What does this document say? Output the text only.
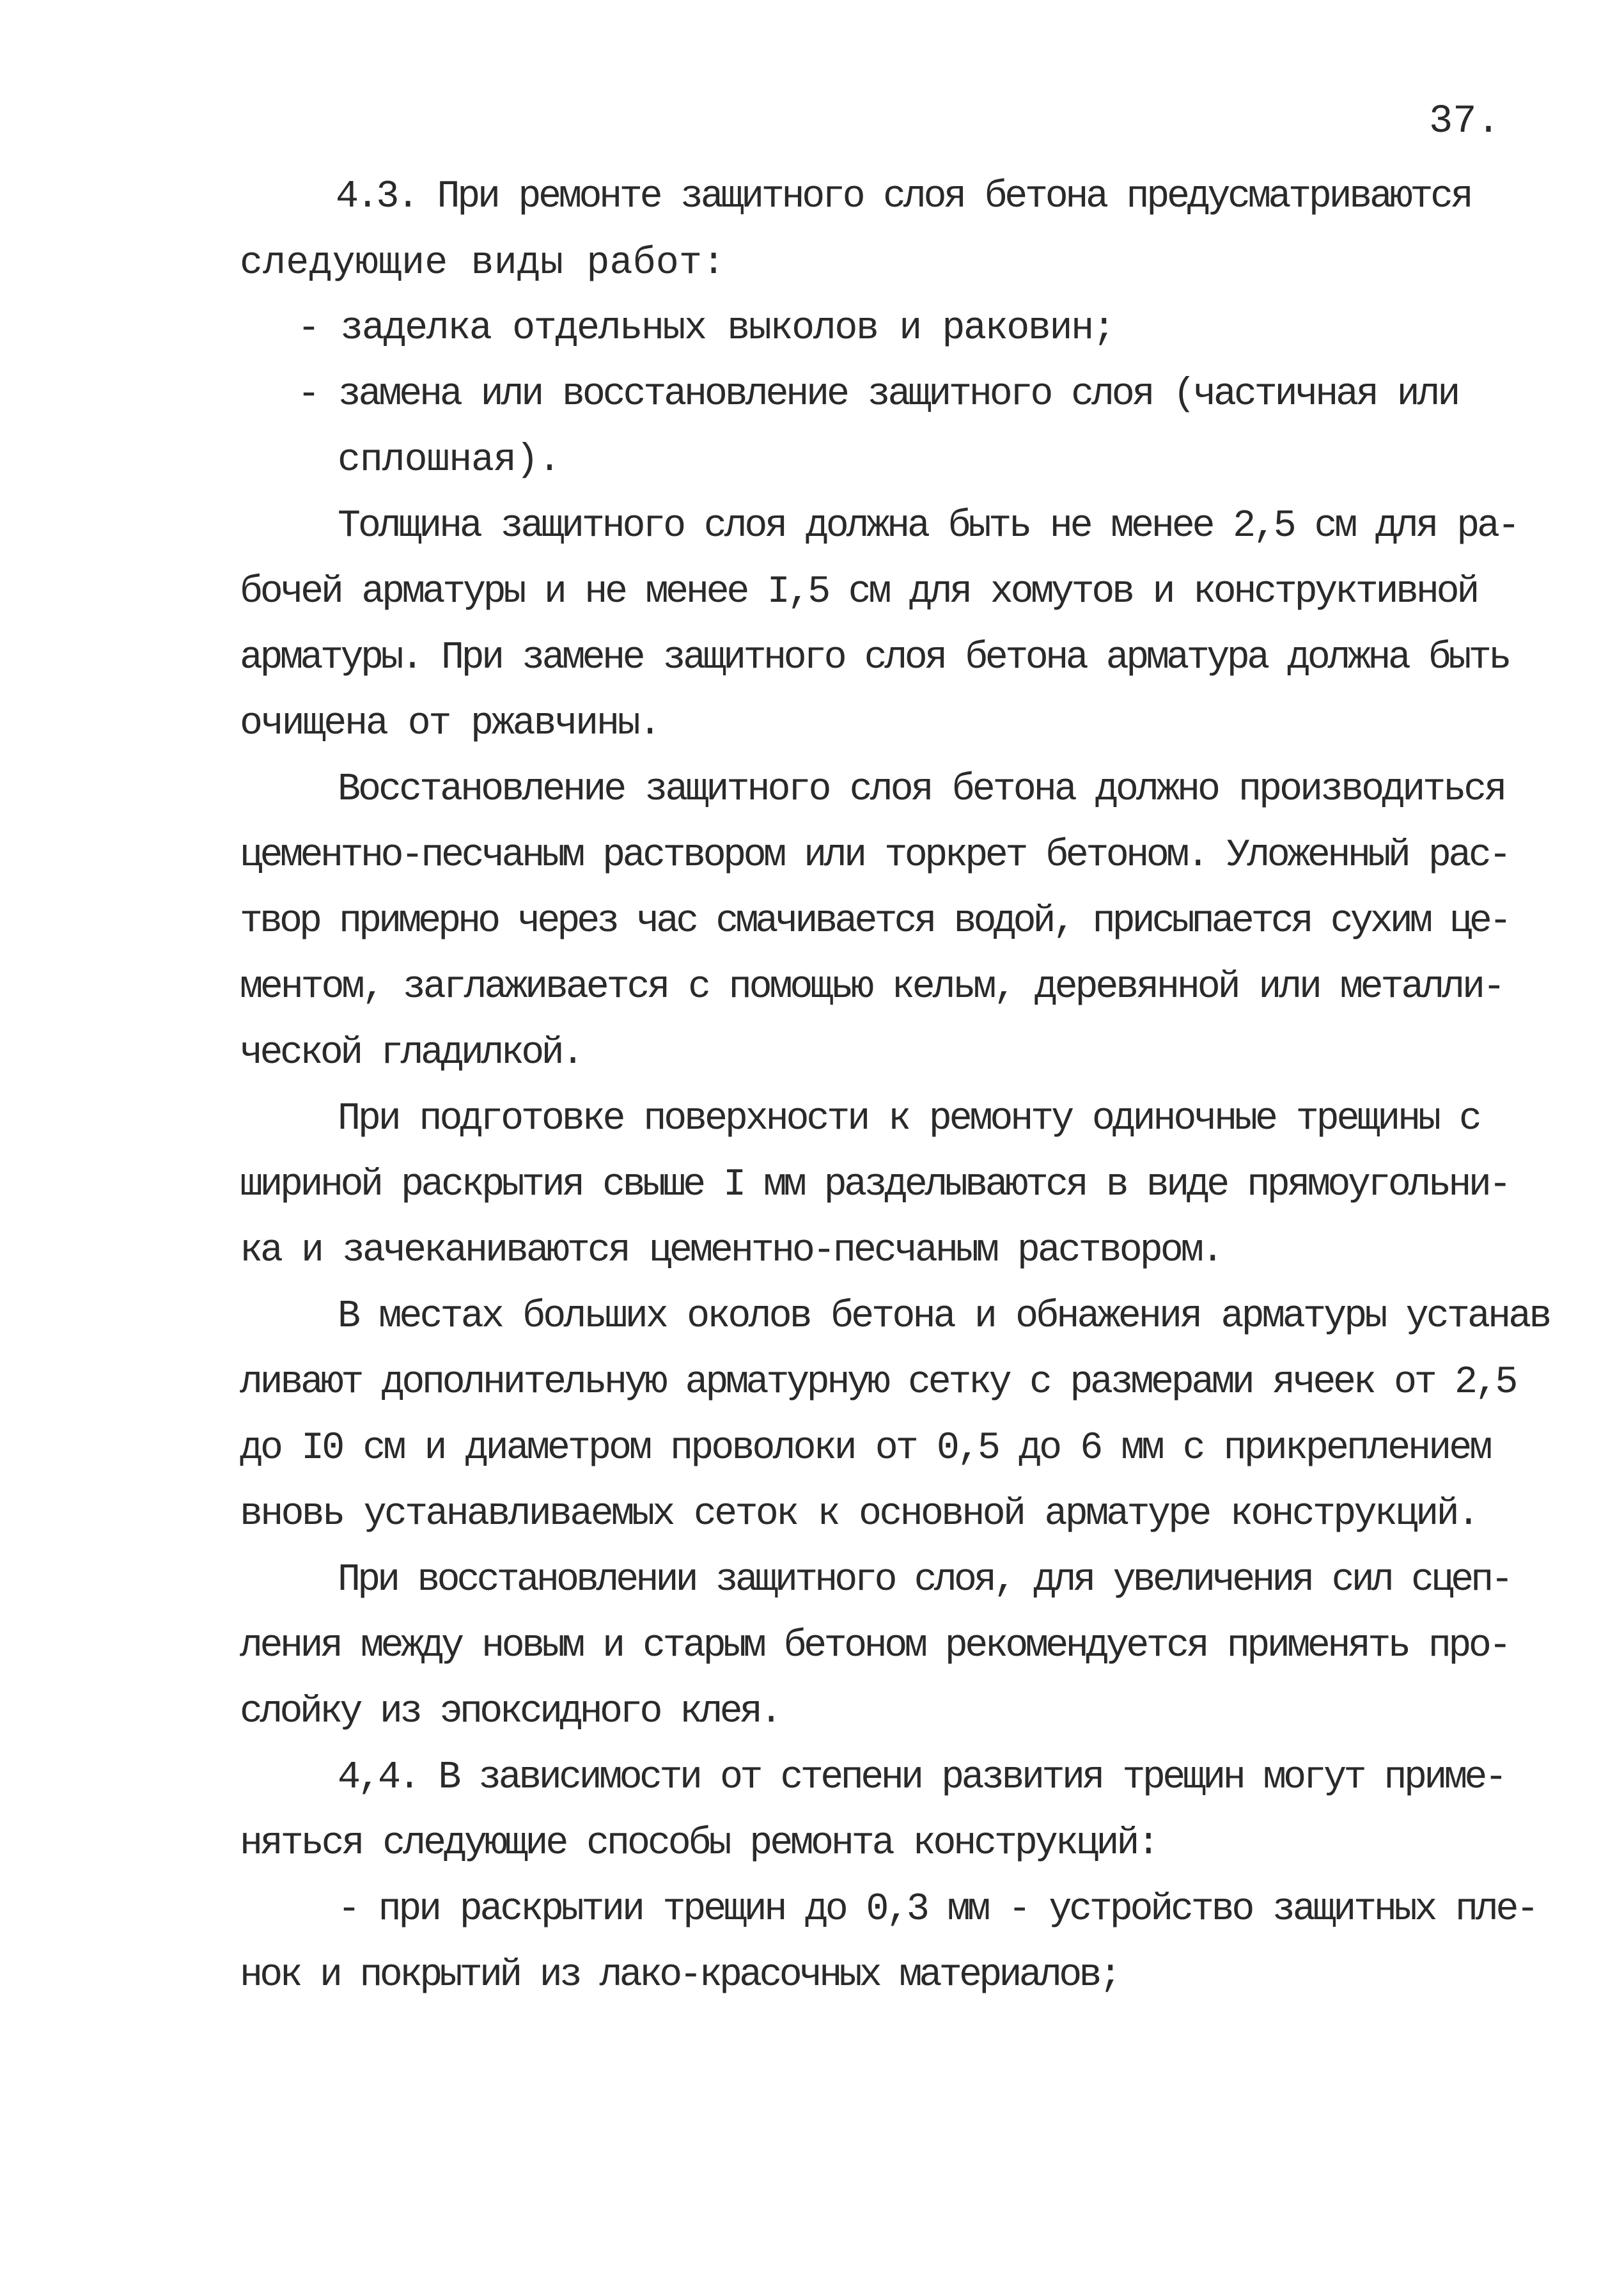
37.
4.3. При ремонте защитного слоя бетона предусматриваются
следующие виды работ:
- заделка отдельных выколов и раковин;
- замена или восстановление защитного слоя (частичная или
сплошная).
Толщина защитного слоя должна быть не менее 2,5 см для ра-
бочей арматуры и не менее I,5 см для хомутов и конструктивной
арматуры. При замене защитного слоя бетона арматура должна быть
очищена от ржавчины.
Восстановление защитного слоя бетона должно производиться
цементно-песчаным раствором или торкрет бетоном. Уложенный рас-
твор примерно через час смачивается водой, присыпается сухим це-
ментом, заглаживается с помощью кельм, деревянной или металли-
ческой гладилкой.
При подготовке поверхности к ремонту одиночные трещины с
шириной раскрытия свыше I мм разделываются в виде прямоугольни-
ка и зачеканиваются цементно-песчаным раствором.
В местах больших околов бетона и обнажения арматуры устанав
ливают дополнительную арматурную сетку с размерами ячеек от 2,5
до I0 см и диаметром проволоки от 0,5 до 6 мм с прикреплением
вновь устанавливаемых сеток к основной арматуре конструкций.
При восстановлении защитного слоя, для увеличения сил сцеп-
ления между новым и старым бетоном рекомендуется применять про-
слойку из эпоксидного клея.
4,4. В зависимости от степени развития трещин могут приме-
няться следующие способы ремонта конструкций:
- при раскрытии трещин до 0,3 мм - устройство защитных пле-
нок и покрытий из лако-красочных материалов;
